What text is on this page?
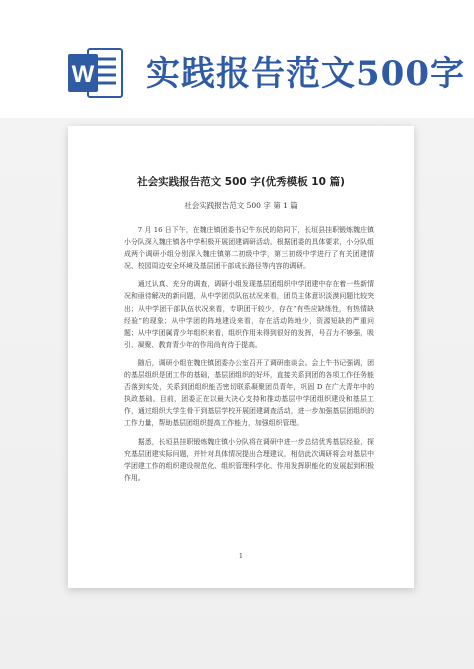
W 实践报告范文500字
社会实践报告范文 500 字(优秀模板 10 篇)
社会实践报告范文 500 字 第 1 篇

7 月 16 日下午，在魏庄镇团委书记牛东民的陪同下，长垣县挂职锻炼魏庄镇小分队深入魏庄镇各中学积极开展团建调研活动。根据团委的具体要求，小分队组成两个调研小组分别深入魏庄镇第二初级中学，第三初级中学进行了有关团建情况、校园周边安全环境及基层团干部成长路径等内容的调研。

通过认真、充分的调查，调研小组发现基层团组织中学团建中存在着一些新情况和亟待解决的新问题，从中学团员队伍状况来看，团员主体意识淡漠问题比较突出；从中学团干部队伍状况来看，专职团干较少，存在“有些应缺练性，有热情缺经验”的现象；从中学团的阵地建设来看，存在活动阵地少，资源短缺的严重问题；从中学团属青少年组织来看，组织作用未得到很好的发挥，号召力不够强，吸引、凝聚、教育青少年的作用尚有待于提高。

随后，调研小组在魏庄镇团委办公室召开了调研座谈会。会上牛书记强调，团的基层组织是团工作的基础，基层团组织的好坏，直接关系到团的各项工作任务能否落到实处，关系到团组织能否密切联系凝聚团员青年，巩固 D 在广大青年中的执政基础。目前，团委正在以最大决心支持和推动基层中学团组织建设和基层工作，通过组织大学生骨干到基层学校开展团建调查活动，进一步加强基层团组织的工作力量，帮助基层团组织提高工作能力，加强组织管理。

据悉，长垣县挂职锻炼魏庄镇小分队将在调研中进一步总结优秀基层经验，探究基层团建实际问题，并针对具体情况提出合理建议，相信此次调研将会对基层中学团建工作的组织建设规范化、组织管理科学化、作用发挥职能化的发展起到积极作用。

1
